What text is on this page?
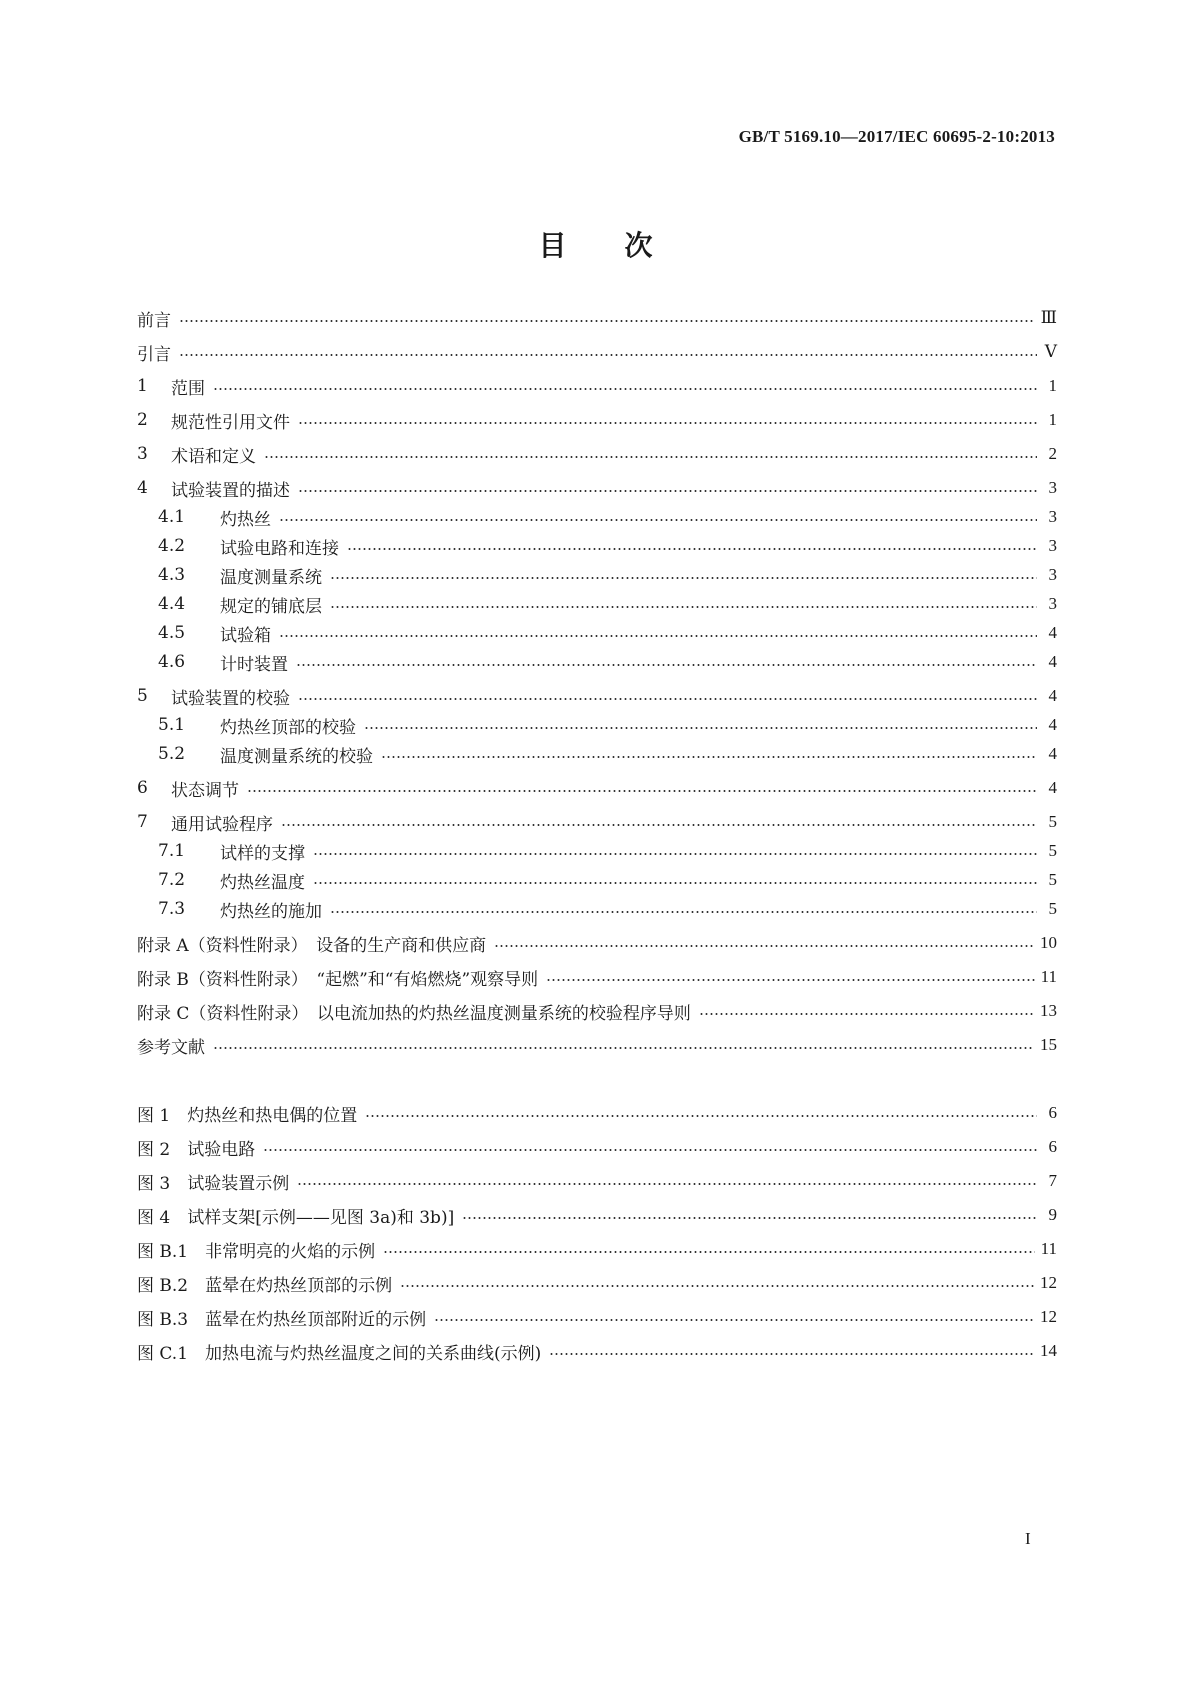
GB/T 5169.10—2017/IEC 60695-2-10:2013
目 次
前言	Ⅲ
引言	Ⅴ
1	范围	1
2	规范性引用文件	1
3	术语和定义	2
4	试验装置的描述	3
4.1	灼热丝	3
4.2	试验电路和连接	3
4.3	温度测量系统	3
4.4	规定的铺底层	3
4.5	试验箱	4
4.6	计时装置	4
5	试验装置的校验	4
5.1	灼热丝顶部的校验	4
5.2	温度测量系统的校验	4
6	状态调节	4
7	通用试验程序	5
7.1	试样的支撑	5
7.2	灼热丝温度	5
7.3	灼热丝的施加	5
附录 A（资料性附录）　设备的生产商和供应商	10
附录 B（资料性附录）　“起燃”和“有焰燃烧”观察导则	11
附录 C（资料性附录）　以电流加热的灼热丝温度测量系统的校验程序导则	13
参考文献	15
图 1　灼热丝和热电偶的位置	6
图 2　试验电路	6
图 3　试验装置示例	7
图 4　试样支架[示例——见图 3a)和 3b)]	9
图 B.1　非常明亮的火焰的示例	11
图 B.2　蓝晕在灼热丝顶部的示例	12
图 B.3　蓝晕在灼热丝顶部附近的示例	12
图 C.1　加热电流与灼热丝温度之间的关系曲线(示例)	14
I
